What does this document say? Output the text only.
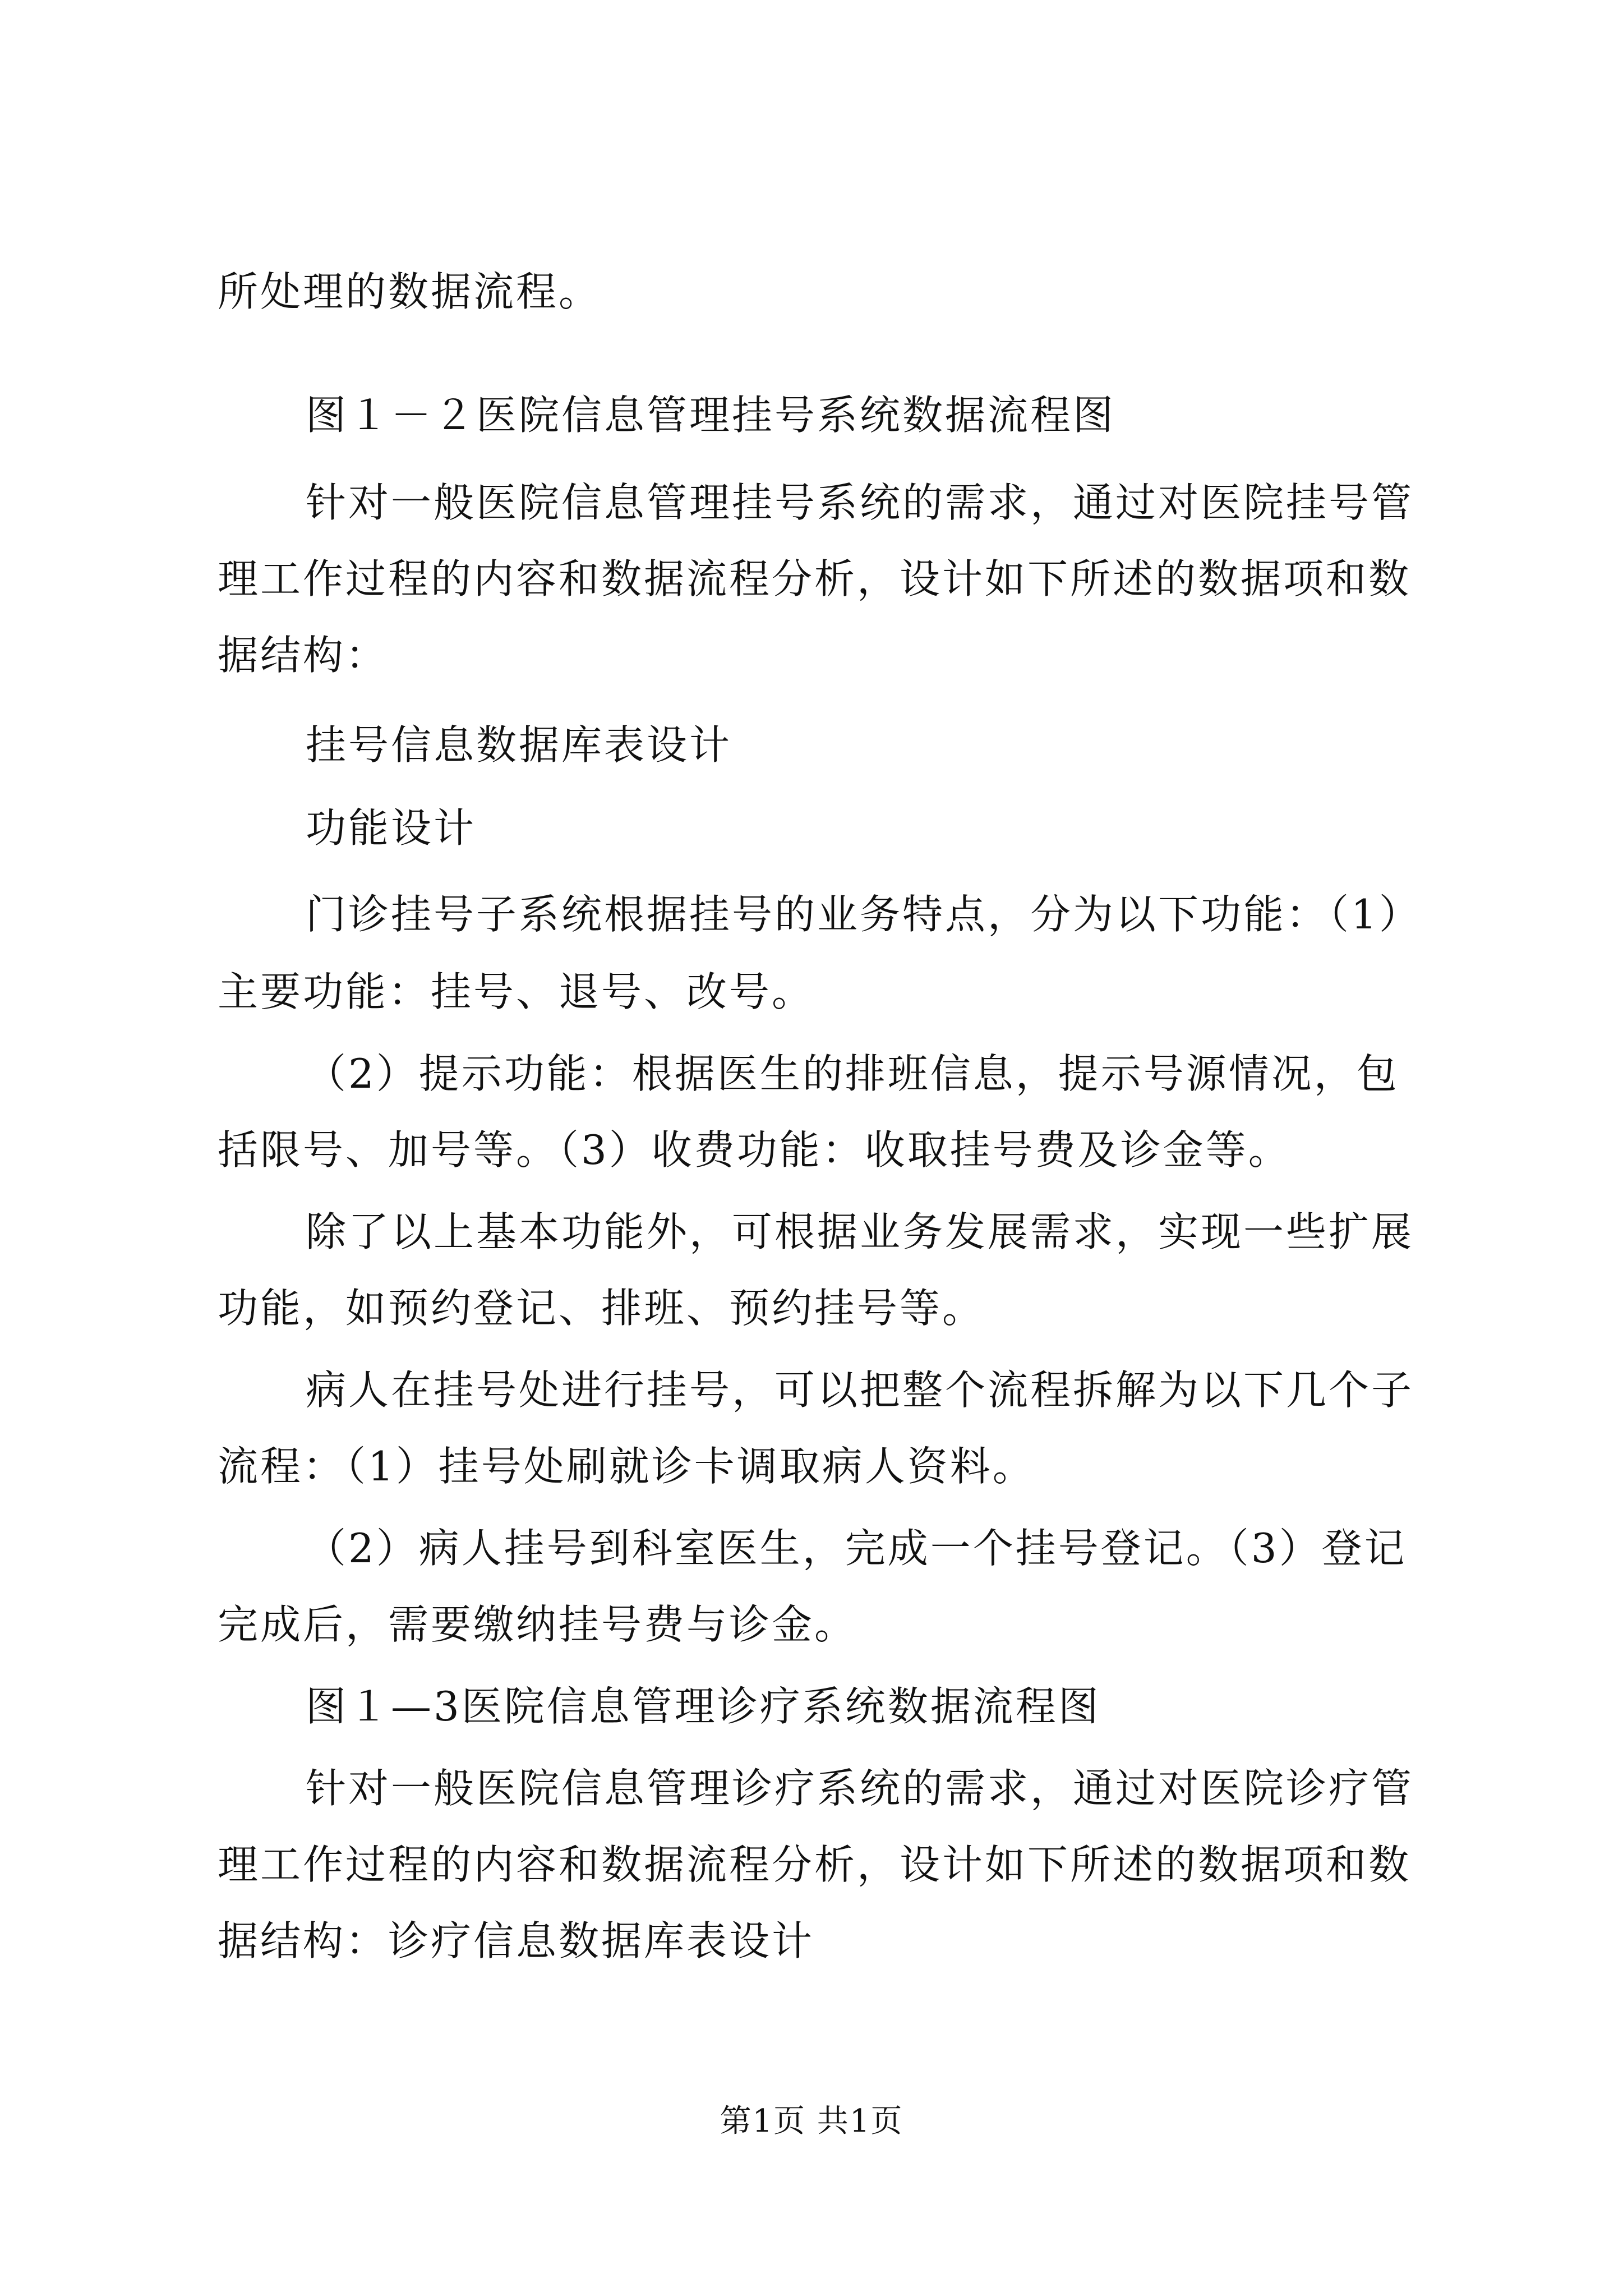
所处理的数据流程。
图１－２医院信息管理挂号系统数据流程图
针对一般医院信息管理挂号系统的需求，通过对医院挂号管
理工作过程的内容和数据流程分析，设计如下所述的数据项和数
据结构：
挂号信息数据库表设计
功能设计
门诊挂号子系统根据挂号的业务特点，分为以下功能：（1）
主要功能：挂号、退号、改号。
（2）提示功能：根据医生的排班信息，提示号源情况，包
括限号、加号等。（3）收费功能：收取挂号费及诊金等。
除了以上基本功能外，可根据业务发展需求，实现一些扩展
功能，如预约登记、排班、预约挂号等。
病人在挂号处进行挂号，可以把整个流程拆解为以下几个子
流程：（1）挂号处刷就诊卡调取病人资料。
（2）病人挂号到科室医生，完成一个挂号登记。（3）登记
完成后，需要缴纳挂号费与诊金。
图１—3医院信息管理诊疗系统数据流程图
针对一般医院信息管理诊疗系统的需求，通过对医院诊疗管
理工作过程的内容和数据流程分析，设计如下所述的数据项和数
据结构：诊疗信息数据库表设计
第1页 共1页
